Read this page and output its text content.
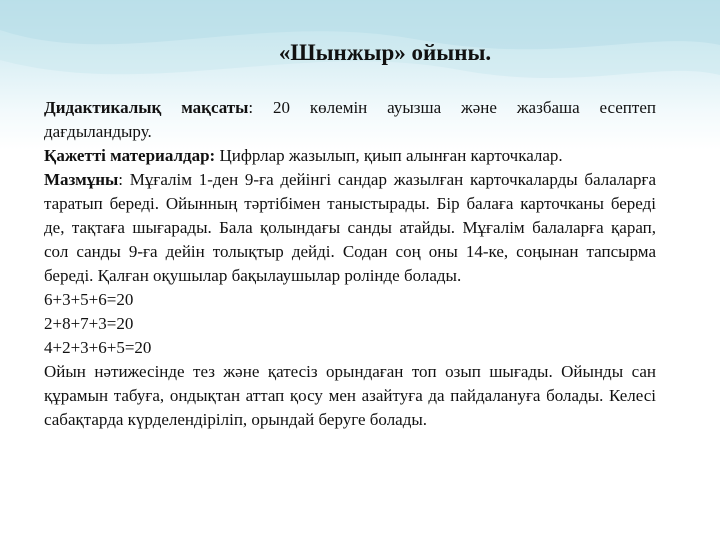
«Шынжыр» ойыны.

Дидактикалық мақсаты: 20 көлемін ауызша және жазбаша есептеп дағдыландыру.

Қажетті материалдар: Цифрлар жазылып, қиып алынған карточкалар.

Мазмұны: Мұғалім 1-ден 9-ға дейінгі сандар жазылған карточкаларды балаларға таратып береді. Ойынның тәртібімен таныстырады. Бір балаға карточканы береді де, тақтаға шығарады. Бала қолындағы санды атайды. Мұғалім балаларға қарап, сол санды 9-ға дейін толықтыр дейді. Содан соң оны 14-ке, соңынан тапсырма береді. Қалған оқушылар бақылаушылар ролінде болады.

6+3+5+6=20

2+8+7+3=20

4+2+3+6+5=20

Ойын нәтижесінде тез және қатесіз орындаған топ озып шығады. Ойынды сан құрамын табуға, ондықтан аттап қосу мен азайтуға да пайдалануға болады. Келесі сабақтарда күрделендіріліп, орындай беруге болады.
